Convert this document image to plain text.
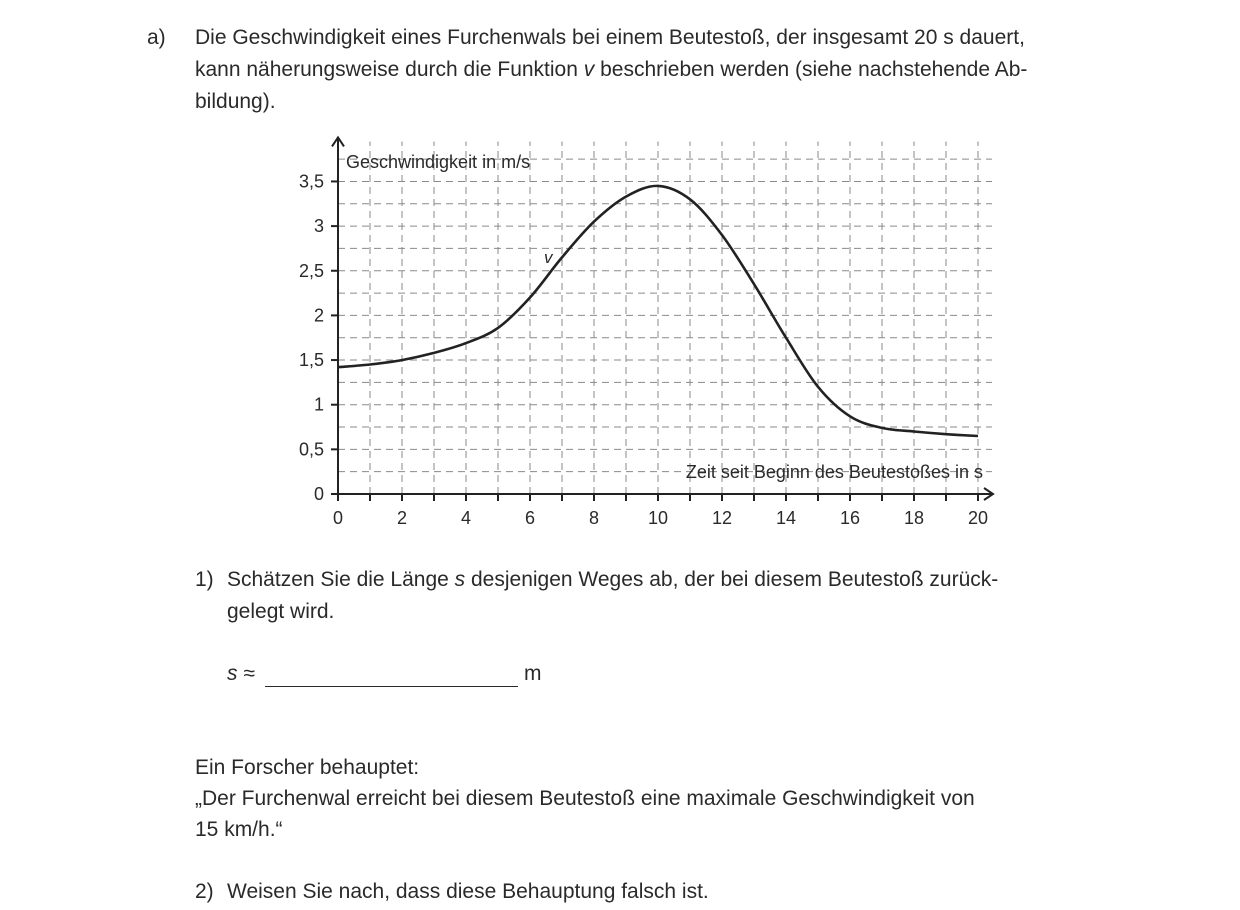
a) Die Geschwindigkeit eines Furchenwals bei einem Beutestoß, der insgesamt 20 s dauert,
kann näherungsweise durch die Funktion v beschrieben werden (siehe nachstehende Ab-
bildung).
0	2	4	6	8	10 12 14 16 18 20
0
0,5
1
1,5
2
2,5
3
3,5
Geschwindigkeit in m/s
Zeit seit Beginn des Beutestoßes in s
v
1) Schätzen Sie die Länge s desjenigen Weges ab, der bei diesem Beutestoß zurück-
gelegt wird.
s ≈	m
Ein Forscher behauptet:
„Der Furchenwal erreicht bei diesem Beutestoß eine maximale Geschwindigkeit von
15 km/h.“
2) Weisen Sie nach, dass diese Behauptung falsch ist.
